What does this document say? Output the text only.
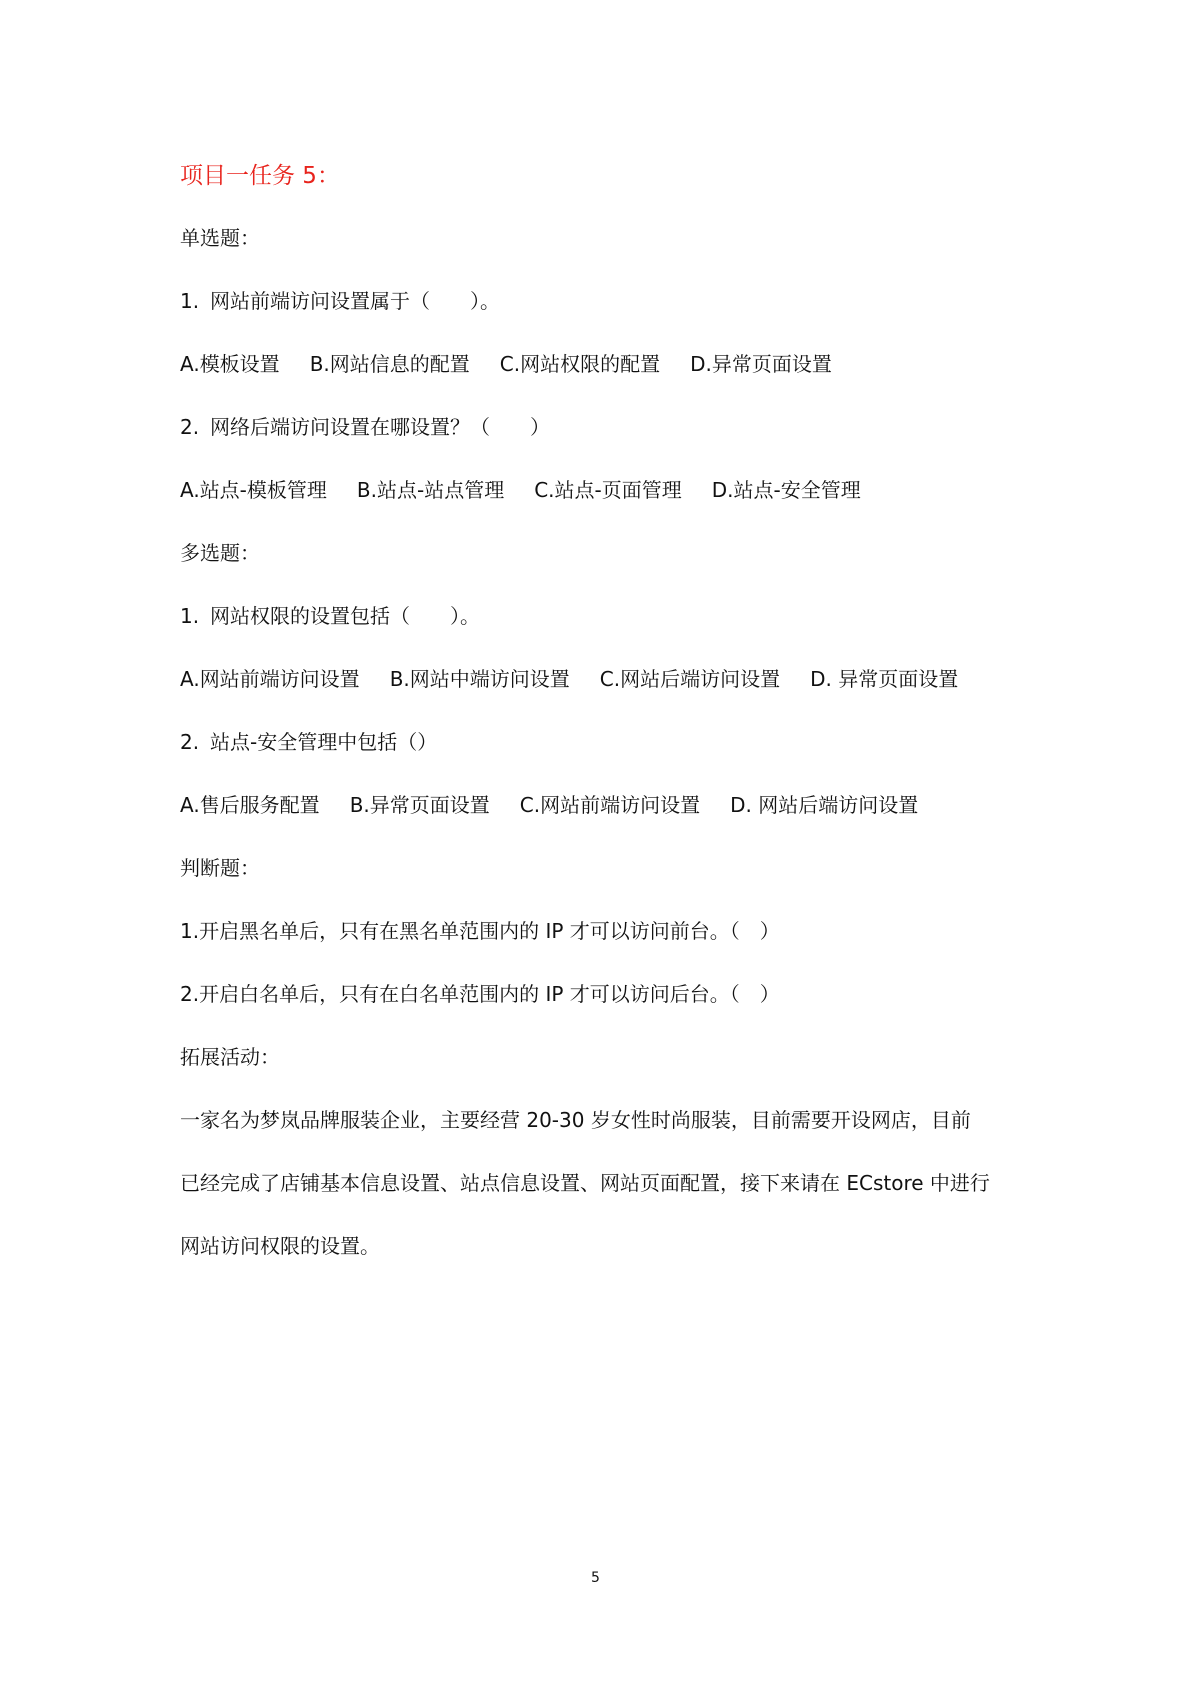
项目一任务 5：
单选题：
1. 网站前端访问设置属于（　　）。
A.模板设置 B.网站信息的配置 C.网站权限的配置 D.异常页面设置
2. 网络后端访问设置在哪设置？（　　）
A.站点-模板管理 B.站点-站点管理 C.站点-页面管理 D.站点-安全管理
多选题：
1. 网站权限的设置包括（　　）。
A.网站前端访问设置 B.网站中端访问设置 C.网站后端访问设置 D. 异常页面设置
2. 站点-安全管理中包括（）
A.售后服务配置 B.异常页面设置 C.网站前端访问设置 D. 网站后端访问设置
判断题：
1.开启黑名单后，只有在黑名单范围内的 IP 才可以访问前台。（　）
2.开启白名单后，只有在白名单范围内的 IP 才可以访问后台。（　）
拓展活动：
一家名为梦岚品牌服装企业，主要经营 20-30 岁女性时尚服装，目前需要开设网店，目前
已经完成了店铺基本信息设置、站点信息设置、网站页面配置，接下来请在 ECstore 中进行
网站访问权限的设置。
5
